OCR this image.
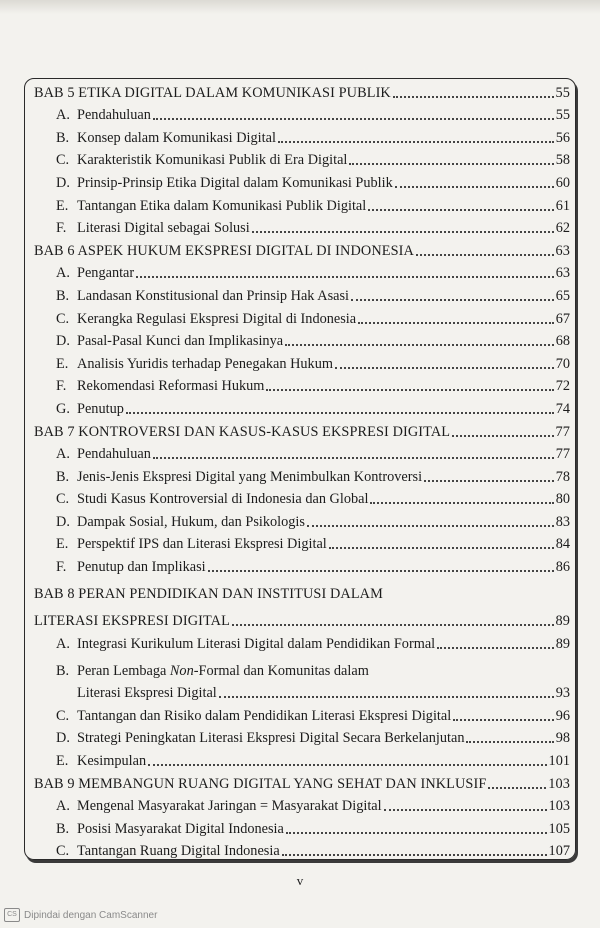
BAB 5 ETIKA DIGITAL DALAM KOMUNIKASI PUBLIK	55
A. Pendahuluan	55
B. Konsep dalam Komunikasi Digital	56
C. Karakteristik Komunikasi Publik di Era Digital	58
D. Prinsip-Prinsip Etika Digital dalam Komunikasi Publik	60
E. Tantangan Etika dalam Komunikasi Publik Digital	61
F. Literasi Digital sebagai Solusi	62
BAB 6 ASPEK HUKUM EKSPRESI DIGITAL DI INDONESIA	63
A. Pengantar	63
B. Landasan Konstitusional dan Prinsip Hak Asasi	65
C. Kerangka Regulasi Ekspresi Digital di Indonesia	67
D. Pasal-Pasal Kunci dan Implikasinya	68
E. Analisis Yuridis terhadap Penegakan Hukum	70
F. Rekomendasi Reformasi Hukum	72
G. Penutup	74
BAB 7 KONTROVERSI DAN KASUS-KASUS EKSPRESI DIGITAL	77
A. Pendahuluan	77
B. Jenis-Jenis Ekspresi Digital yang Menimbulkan Kontroversi	78
C. Studi Kasus Kontroversial di Indonesia dan Global	80
D. Dampak Sosial, Hukum, dan Psikologis	83
E. Perspektif IPS dan Literasi Ekspresi Digital	84
F. Penutup dan Implikasi	86
BAB 8 PERAN PENDIDIKAN DAN INSTITUSI DALAM
LITERASI EKSPRESI DIGITAL	89
A. Integrasi Kurikulum Literasi Digital dalam Pendidikan Formal	89
B. Peran Lembaga Non-Formal dan Komunitas dalam
Literasi Ekspresi Digital	93
C. Tantangan dan Risiko dalam Pendidikan Literasi Ekspresi Digital	96
D. Strategi Peningkatan Literasi Ekspresi Digital Secara Berkelanjutan	98
E. Kesimpulan	101
BAB 9 MEMBANGUN RUANG DIGITAL YANG SEHAT DAN INKLUSIF	103
A. Mengenal Masyarakat Jaringan = Masyarakat Digital	103
B. Posisi Masyarakat Digital Indonesia	105
C. Tantangan Ruang Digital Indonesia	107
v
CS Dipindai dengan CamScanner
